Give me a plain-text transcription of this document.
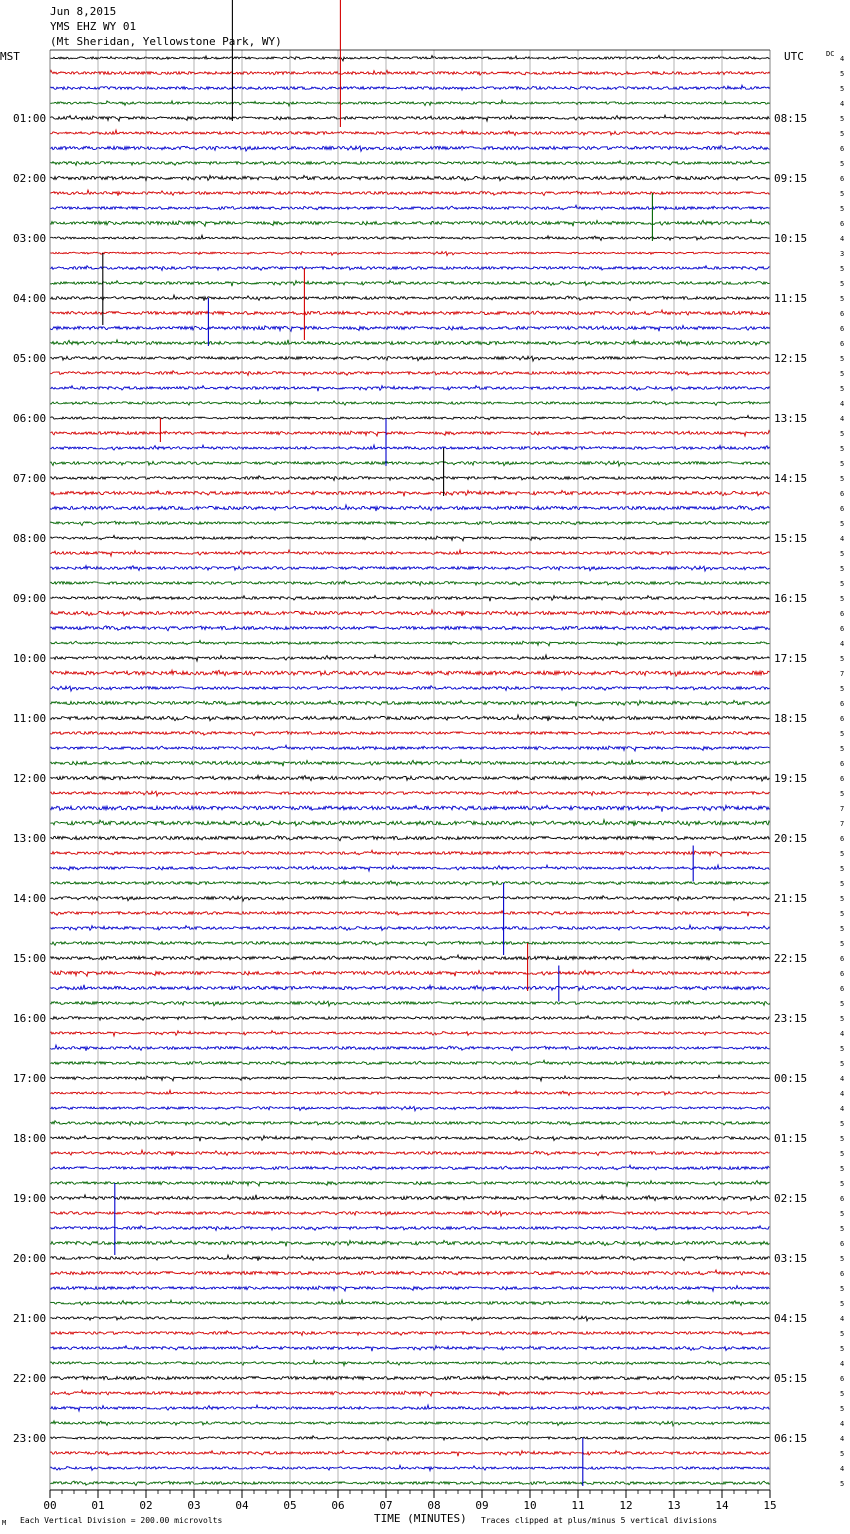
Jun 8,2015
YMS EHZ WY 01
(Mt Sheridan, Yellowstone Park, WY)
00	01	02	03	04	05	06	07	08	09	10	11	12	13	14	15
01:00	08:15
02:00	09:15
03:00	10:15
04:00	11:15
05:00	12:15
06:00	13:15
07:00	14:15
08:00	15:15
09:00	16:15
10:00	17:15
11:00	18:15
12:00	19:15
13:00	20:15
14:00	21:15
15:00	22:15
16:00	23:15
17:00	00:15
18:00	01:15
19:00	02:15
20:00	03:15
21:00	04:15
22:00	05:15
23:00	06:15
4
5
5
4
5
5
6
5
6
5
5
6
4
3
5
5
5
6
6
6
5
5
5
4
4
5
5
5
5
6
6
5
4
5
5
5
5
6
6
4
5
7
5
6
6
5
5
6
6
5
7
7
6
5
5
5
5
5
5
5
6
6
6
5
5
4
5
5
4
4
4
5
5
5
5
5
6
5
5
6
5
6
5
5
4
5
5
4
6
5
5
4
4
5
4
5
MST	UTC	DC
TIME (MINUTES)
Each Vertical Division = 200.00 microvolts	Traces clipped at plus/minus 5 vertical divisions
M
